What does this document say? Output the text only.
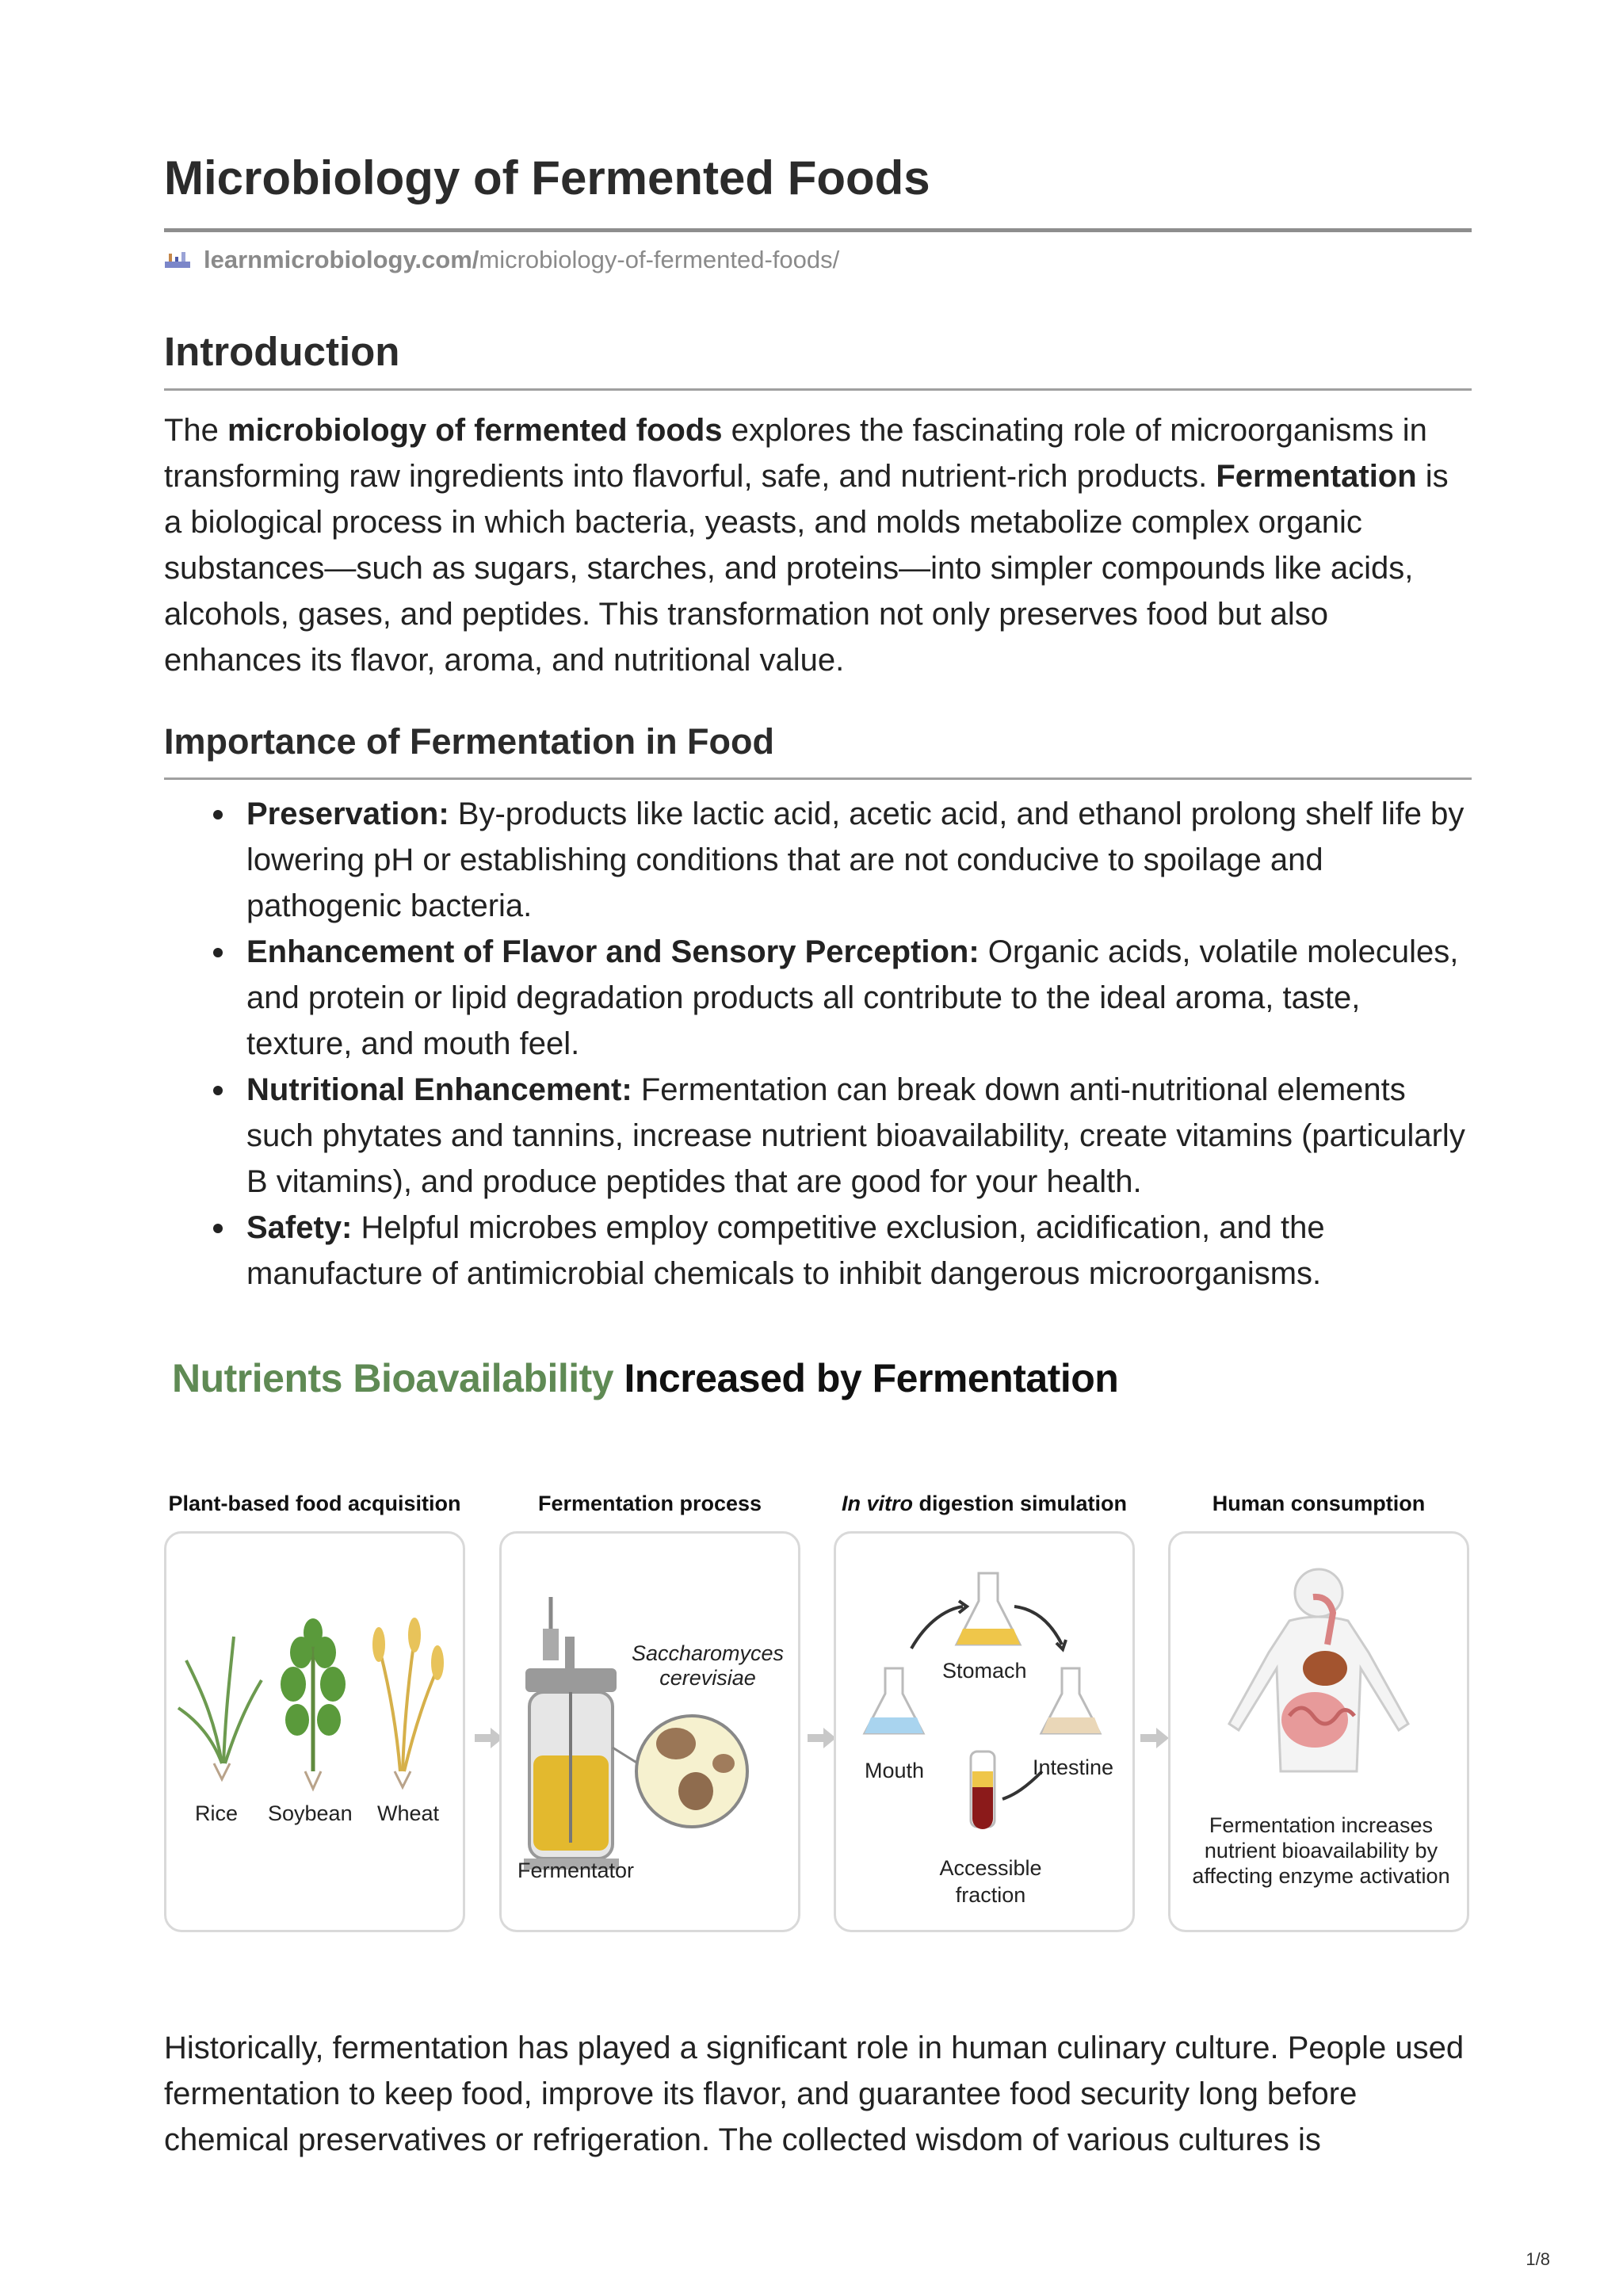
Microbiology of Fermented Foods
learnmicrobiology.com/ microbiology-of-fermented-foods/
Introduction

The microbiology of fermented foods explores the fascinating role of microorganisms in transforming raw ingredients into flavorful, safe, and nutrient-rich products. Fermentation is a biological process in which bacteria, yeasts, and molds metabolize complex organic substances—such as sugars, starches, and proteins—into simpler compounds like acids, alcohols, gases, and peptides. This transformation not only preserves food but also enhances its flavor, aroma, and nutritional value.

Importance of Fermentation in Food
Preservation: By-products like lactic acid, acetic acid, and ethanol prolong shelf life by lowering pH or establishing conditions that are not conducive to spoilage and pathogenic bacteria.
Enhancement of Flavor and Sensory Perception: Organic acids, volatile molecules, and protein or lipid degradation products all contribute to the ideal aroma, taste, texture, and mouth feel.
Nutritional Enhancement: Fermentation can break down anti-nutritional elements such phytates and tannins, increase nutrient bioavailability, create vitamins (particularly B vitamins), and produce peptides that are good for your health.
Safety: Helpful microbes employ competitive exclusion, acidification, and the manufacture of antimicrobial chemicals to inhibit dangerous microorganisms.
Nutrients Bioavailability Increased by Fermentation
Plant-based food acquisition
Rice Soybean Wheat
Fermentation process
Saccharomyces cerevisiae
Fermentator
In vitro digestion simulation
Stomach
Mouth	Intestine
Accessible fraction
Human consumption
Fermentation increases nutrient bioavailability by affecting enzyme activation

Historically, fermentation has played a significant role in human culinary culture. People used fermentation to keep food, improve its flavor, and guarantee food security long before chemical preservatives or refrigeration. The collected wisdom of various cultures is

1/8
